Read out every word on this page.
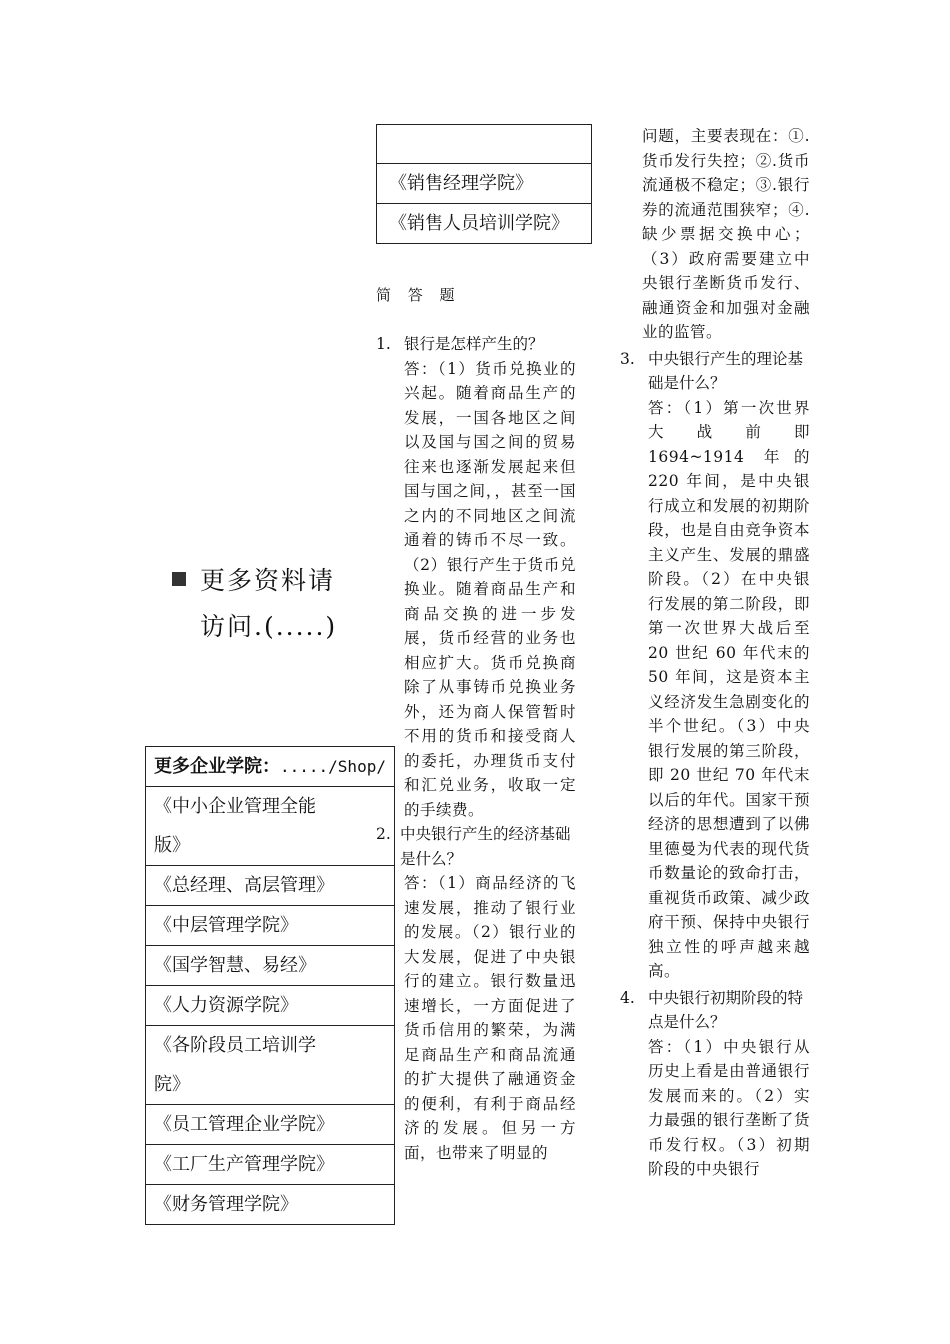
更多资料请
访问.(.....)
更多企业学院：...../Shop/
《中小企业管理全能
版》
《总经理、高层管理》
《中层管理学院》
《国学智慧、易经》
《人力资源学院》
《各阶段员工培训学
院》
《员工管理企业学院》
《工厂生产管理学院》
《财务管理学院》

《销售经理学院》
《销售人员培训学院》
简 答 题
1. 银行是怎样产生的？

答：（1）货币兑换业的兴起。随着商品生产的发展，一国各地区之间以及国与国之间的贸易往来也逐渐发展起来但国与国之间，，甚至一国之内的不同地区之间流通着的铸币不尽一致。（2）银行产生于货币兑换业。随着商品生产和商品交换的进一步发展，货币经营的业务也相应扩大。货币兑换商除了从事铸币兑换业务外，还为商人保管暂时不用的货币和接受商人的委托，办理货币支付和汇兑业务，收取一定的手续费。

2. 中央银行产生的经济基础是什么？

答：（1）商品经济的飞速发展，推动了银行业的发展。（2）银行业的大发展，促进了中央银行的建立。银行数量迅速增长，一方面促进了货币信用的繁荣，为满足商品生产和商品流通的扩大提供了融通资金的便利，有利于商品经济的发展。但另一方面，也带来了明显的

问题，主要表现在：①.货币发行失控；②.货币流通极不稳定；③.银行券的流通范围狭窄；④.缺少票据交换中心；（3）政府需要建立中央银行垄断货币发行、融通资金和加强对金融业的监管。

3. 中央银行产生的理论基础是什么？

答：（1）第一次世界大战前即 1694~1914 年的 220 年间，是中央银行成立和发展的初期阶段，也是自由竞争资本主义产生、发展的鼎盛阶段。（2）在中央银行发展的第二阶段，即第一次世界大战后至 20 世纪 60 年代末的 50 年间，这是资本主义经济发生急剧变化的半个世纪。（3）中央银行发展的第三阶段，即 20 世纪 70 年代末以后的年代。国家干预经济的思想遭到了以佛里德曼为代表的现代货币数量论的致命打击，重视货币政策、减少政府干预、保持中央银行独立性的呼声越来越高。

4. 中央银行初期阶段的特点是什么？

答：（1）中央银行从历史上看是由普通银行发展而来的。（2）实力最强的银行垄断了货币发行权。（3）初期阶段的中央银行
